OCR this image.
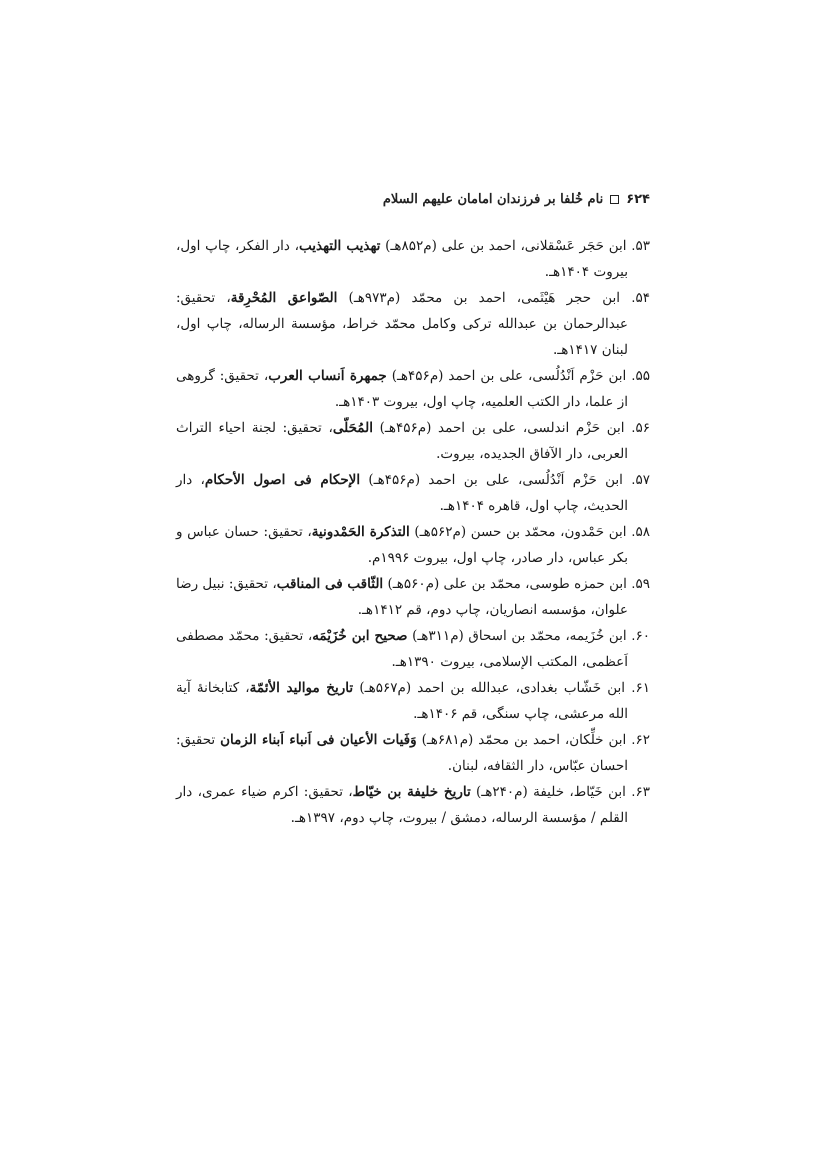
۶۲۴
نام خُلفا بر فرزندان امامان علیهم السلام

۵۳. ابن حَجَر عَسْقلانی، احمد بن علی (م۸۵۲هـ) تهذیب التهذیب، دار الفکر، چاپ اول، بیروت ۱۴۰۴هـ.

۵۴. ابن حجر هَیْثَمی، احمد بن محمّد (م۹۷۳هـ) الصّواعق المُحْرِقة، تحقیق: عبدالرحمان بن عبدالله ترکی وکامل محمّد خراط، مؤسسة الرساله، چاپ اول، لبنان ۱۴۱۷هـ.

۵۵. ابن حَزْم اَنْدُلُسی، علی بن احمد (م۴۵۶هـ) جمهرة اَنساب العرب، تحقیق: گروهی از علما، دار الکتب العلمیه، چاپ اول، بیروت ۱۴۰۳هـ.

۵۶. ابن حَزْم اندلسی، علی بن احمد (م۴۵۶هـ) المُحَلّی، تحقیق: لجنة احیاء التراث العربی، دار الآفاق الجدیده، بیروت.

۵۷. ابن حَزْم اَنْدُلُسی، علی بن احمد (م۴۵۶هـ) الإحکام فی اصول الأحکام، دار الحدیث، چاپ اول، قاهره ۱۴۰۴هـ.

۵۸. ابن حَمْدون، محمّد بن حسن (م۵۶۲هـ) التذکرة الحَمْدونیة، تحقیق: حسان عباس و بکر عباس، دار صادر، چاپ اول، بیروت ۱۹۹۶م.

۵۹. ابن حمزه طوسی، محمّد بن علی (م۵۶۰هـ) الثّاقب فی المناقب، تحقیق: نبیل رضا علوان، مؤسسه انصاریان، چاپ دوم، قم ۱۴۱۲هـ.

۶۰. ابن خُزَیمه، محمّد بن اسحاق (م۳۱۱هـ) صحیح ابن خُزَیْمَه، تحقیق: محمّد مصطفی اَعظمی، المکتب الإسلامی، بیروت ۱۳۹۰هـ.

۶۱. ابن خَشّاب بغدادی، عبدالله بن احمد (م۵۶۷هـ) تاریخ موالید الأئمّة، کتابخانهٔ آیة الله مرعشی، چاپ سنگی، قم ۱۴۰۶هـ.

۶۲. ابن خلِّکان، احمد بن محمّد (م۶۸۱هـ) وَفَیات الأعیان فی اَنباء اَبناء الزمان تحقیق: احسان عبّاس، دار الثقافه، لبنان.

۶۳. ابن خَیّاط، خلیفة (م۲۴۰هـ) تاریخ خلیفة بن خیّاط، تحقیق: اکرم ضیاء عمری، دار القلم / مؤسسة الرساله، دمشق / بیروت، چاپ دوم، ۱۳۹۷هـ.
